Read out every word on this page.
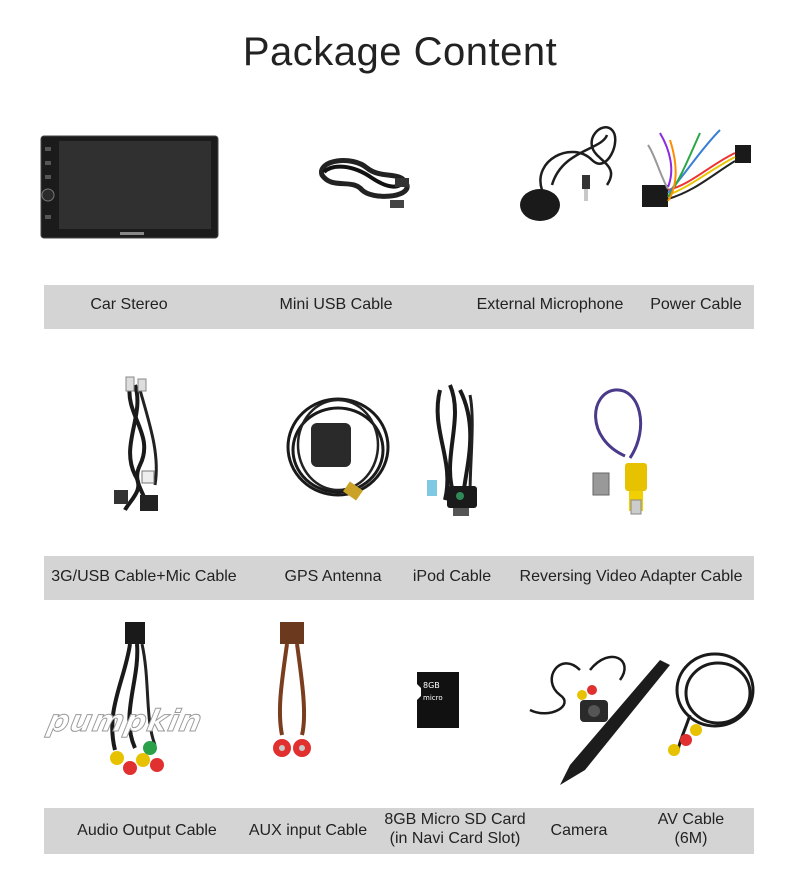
Package Content
Car Stereo	Mini USB Cable	External Microphone	Power Cable
3G/USB Cable+Mic Cable	GPS Antenna	iPod Cable	Reversing Video Adapter Cable
pumpkin
8GB
micro
Audio Output Cable	AUX input Cable
8GB Micro SD Card
(in Navi Card Slot)	Camera
AV Cable
(6M)
